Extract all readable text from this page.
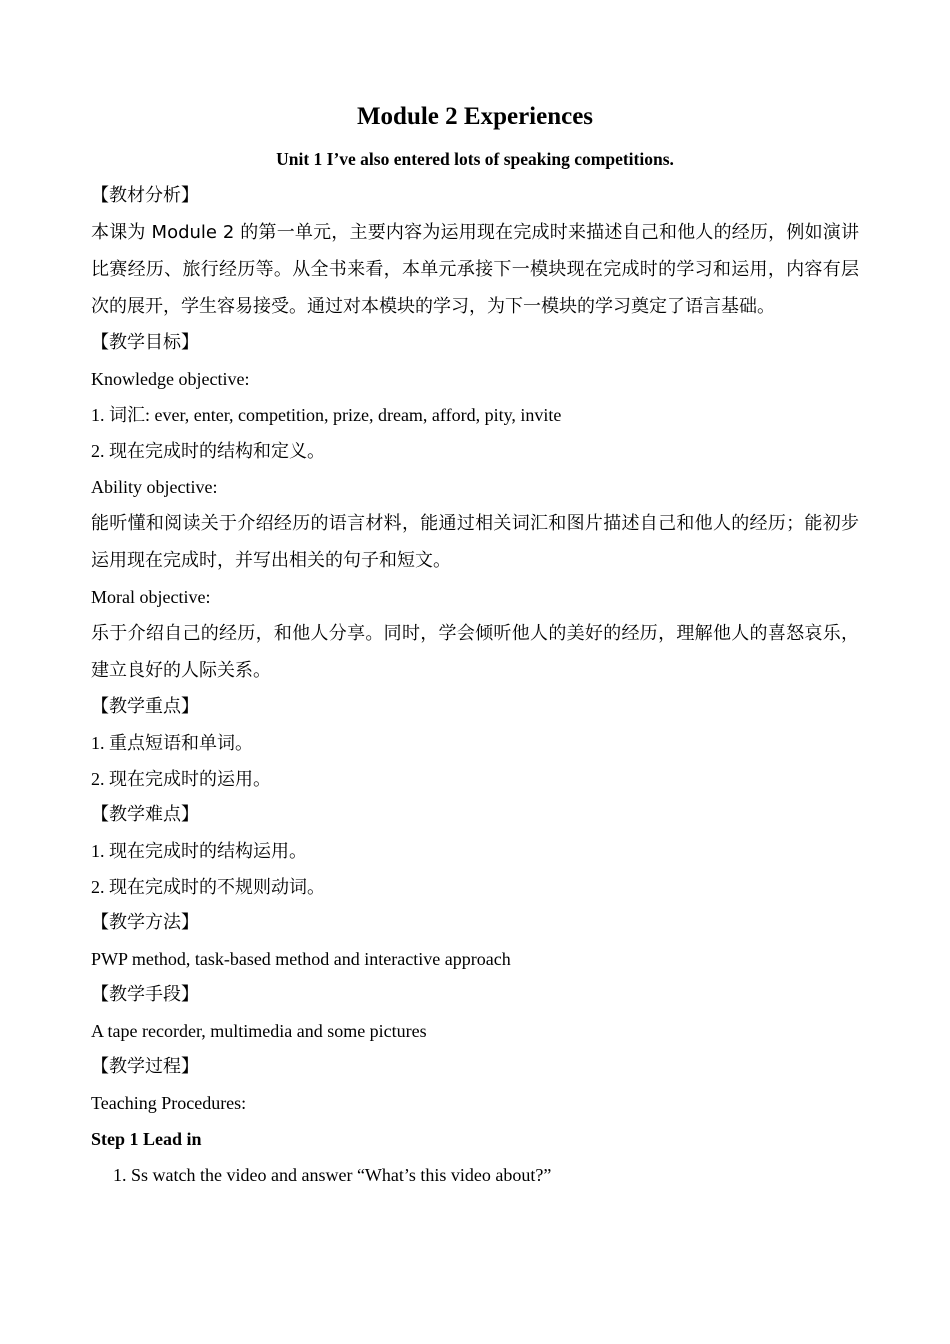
Module 2 Experiences

Unit 1 I’ve also entered lots of speaking competitions.

【教材分析】

本课为 Module 2 的第一单元，主要内容为运用现在完成时来描述自己和他人的经历，例如演讲比赛经历、旅行经历等。从全书来看，本单元承接下一模块现在完成时的学习和运用，内容有层次的展开，学生容易接受。通过对本模块的学习，为下一模块的学习奠定了语言基础。

【教学目标】

Knowledge objective:

1. 词汇: ever, enter, competition, prize, dream, afford, pity, invite

2. 现在完成时的结构和定义。

Ability objective:

能听懂和阅读关于介绍经历的语言材料，能通过相关词汇和图片描述自己和他人的经历；能初步运用现在完成时，并写出相关的句子和短文。

Moral objective:

乐于介绍自己的经历，和他人分享。同时，学会倾听他人的美好的经历，理解他人的喜怒哀乐，建立良好的人际关系。

【教学重点】

1. 重点短语和单词。

2. 现在完成时的运用。

【教学难点】

1. 现在完成时的结构运用。

2. 现在完成时的不规则动词。

【教学方法】

PWP method, task-based method and interactive approach

【教学手段】

A tape recorder, multimedia and some pictures

【教学过程】

Teaching Procedures:

Step 1 Lead in

1. Ss watch the video and answer “What’s this video about?”
